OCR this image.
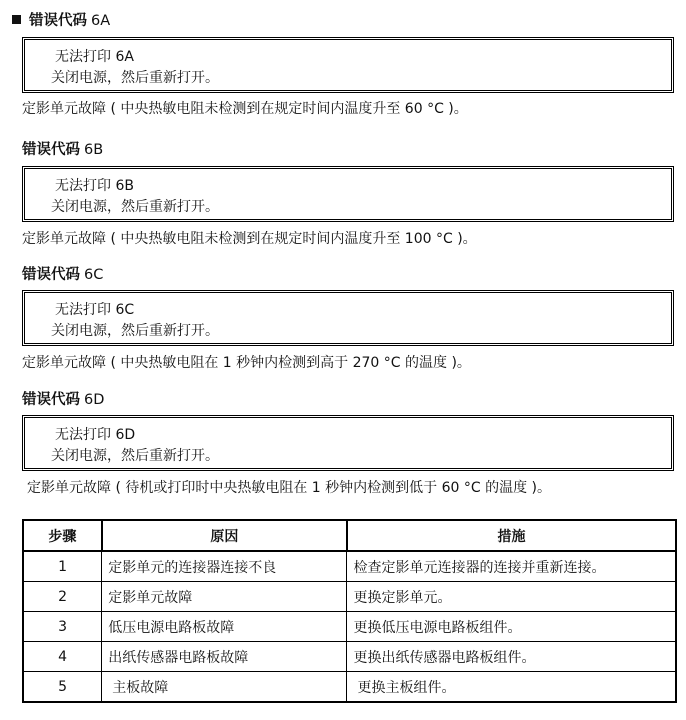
错误代码 6A
无法打印 6A
关闭电源，然后重新打开。
定影单元故障 ( 中央热敏电阻未检测到在规定时间内温度升至 60 °C )。
错误代码 6B
无法打印 6B
关闭电源，然后重新打开。
定影单元故障 ( 中央热敏电阻未检测到在规定时间内温度升至 100 °C )。
错误代码 6C
无法打印 6C
关闭电源，然后重新打开。
定影单元故障 ( 中央热敏电阻在 1 秒钟内检测到高于 270 °C 的温度 )。
错误代码 6D
无法打印 6D
关闭电源，然后重新打开。
定影单元故障 ( 待机或打印时中央热敏电阻在 1 秒钟内检测到低于 60 °C 的温度 )。
步骤	原因	措施
1	定影单元的连接器连接不良	检查定影单元连接器的连接并重新连接。
2	定影单元故障	更换定影单元。
3	低压电源电路板故障	更换低压电源电路板组件。
4	出纸传感器电路板故障	更换出纸传感器电路板组件。
5	主板故障	更换主板组件。
